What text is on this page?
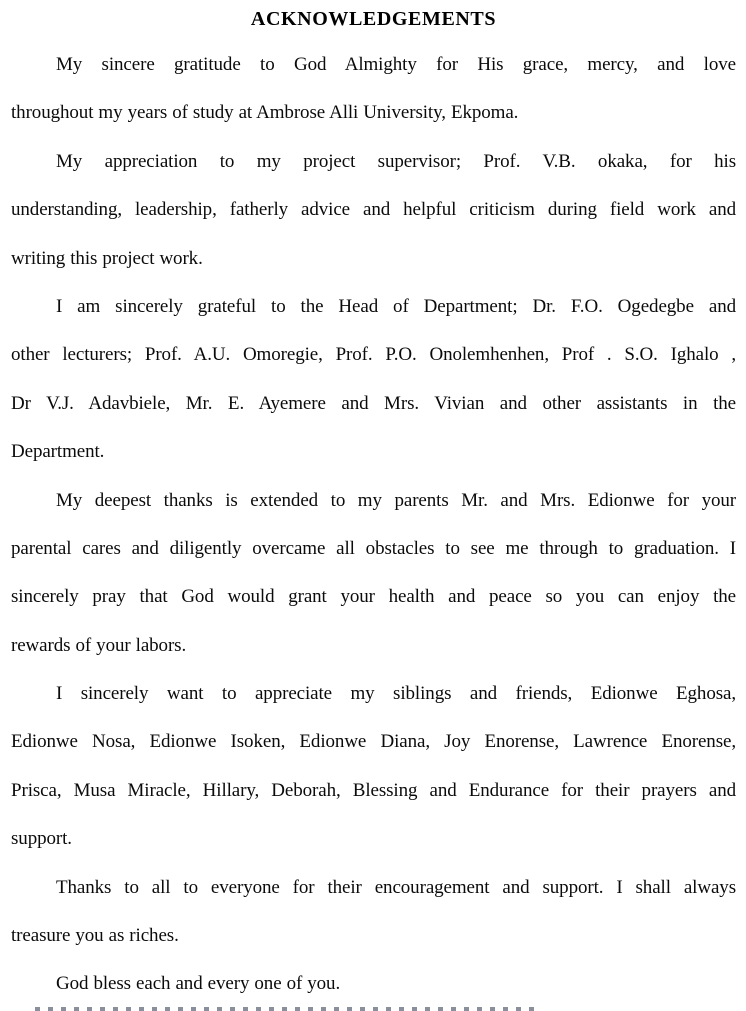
ACKNOWLEDGEMENTS
My sincere gratitude to God Almighty for His grace, mercy, and love
throughout my years of study at Ambrose Alli University, Ekpoma.
My appreciation to my project supervisor; Prof. V.B. okaka, for his
understanding, leadership, fatherly advice and helpful criticism during field work and
writing this project work.
I am sincerely grateful to the Head of Department; Dr. F.O. Ogedegbe and
other lecturers; Prof. A.U. Omoregie, Prof. P.O. Onolemhenhen, Prof . S.O. Ighalo ,
Dr V.J. Adavbiele, Mr. E. Ayemere and Mrs. Vivian and other assistants in the
Department.
My deepest thanks is extended to my parents Mr. and Mrs. Edionwe for your
parental cares and diligently overcame all obstacles to see me through to graduation. I
sincerely pray that God would grant your health and peace so you can enjoy the
rewards of your labors.
I sincerely want to appreciate my siblings and friends, Edionwe Eghosa,
Edionwe Nosa, Edionwe Isoken, Edionwe Diana, Joy Enorense, Lawrence Enorense,
Prisca, Musa Miracle, Hillary, Deborah, Blessing and Endurance for their prayers and
support.
Thanks to all to everyone for their encouragement and support. I shall always
treasure you as riches.
God bless each and every one of you.
